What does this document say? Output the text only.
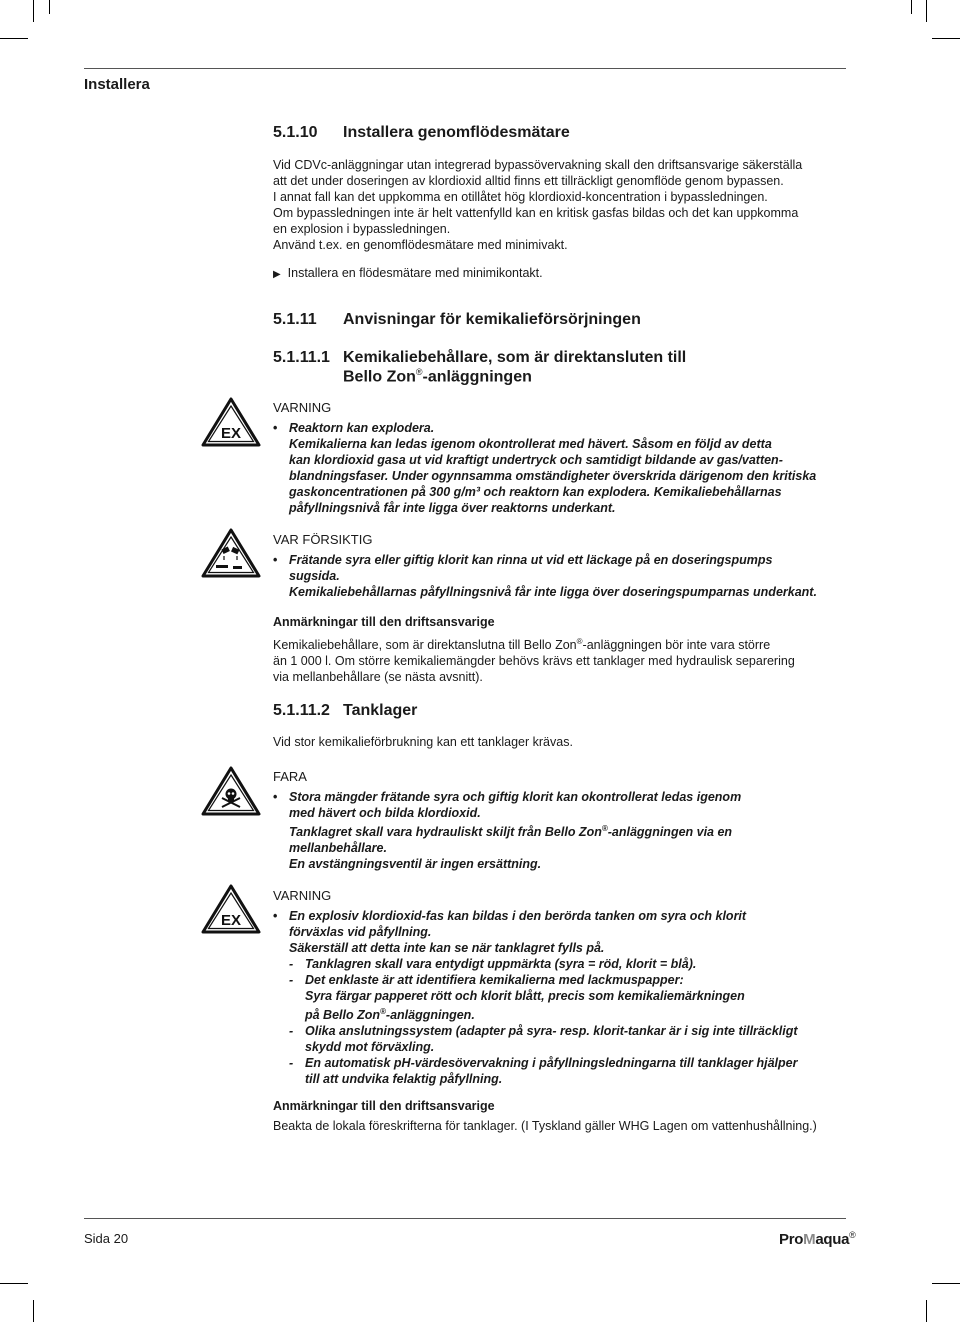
Installera
5.1.10	Installera genomflödesmätare

Vid CDVc-anläggningar utan integrerad bypassövervakning skall den driftsansvarige säkerställa

att det under doseringen av klordioxid alltid finns ett tillräckligt genomflöde genom bypassen.

I annat fall kan det uppkomma en otillåtet hög klordioxid-koncentration i bypassledningen.

Om bypassledningen inte är helt vattenfylld kan en kritisk gasfas bildas och det kan uppkomma

en explosion i bypassledningen.

Använd t.ex. en genomflödesmätare med minimivakt.

▶ Installera en flödesmätare med minimikontakt.

5.1.11	Anvisningar för kemikalieförsörjningen
5.1.11.1 Kemikaliebehållare, som är direktansluten till
Bello Zon®-anläggningen
EX
VARNING
• Reaktorn kan explodera.
Kemikalierna kan ledas igenom okontrollerat med hävert. Såsom en följd av detta
kan klordioxid gasa ut vid kraftigt undertryck och samtidigt bildande av gas/vatten-
blandningsfaser. Under ogynnsamma omständigheter överskrida därigenom den kritiska
gaskoncentrationen på 300 g/m³ och reaktorn kan explodera. Kemikaliebehållarnas
påfyllningsnivå får inte ligga över reaktorns underkant.
VAR FÖRSIKTIG
• Frätande syra eller giftig klorit kan rinna ut vid ett läckage på en doseringspumps
sugsida.
Kemikaliebehållarnas påfyllningsnivå får inte ligga över doseringspumparnas underkant.
Anmärkningar till den driftsansvarige

Kemikaliebehållare, som är direktanslutna till Bello Zon®-anläggningen bör inte vara större

än 1 000 l. Om större kemikaliemängder behövs krävs ett tanklager med hydraulisk separering

via mellanbehållare (se nästa avsnitt).

5.1.11.2 Tanklager

Vid stor kemikalieförbrukning kan ett tanklager krävas.

FARA
• Stora mängder frätande syra och giftig klorit kan okontrollerat ledas igenom
med hävert och bilda klordioxid.
Tanklagret skall vara hydrauliskt skiljt från Bello Zon®-anläggningen via en
mellanbehållare.
En avstängningsventil är ingen ersättning.
EX
VARNING
• En explosiv klordioxid-fas kan bildas i den berörda tanken om syra och klorit
förväxlas vid påfyllning.
Säkerställ att detta inte kan se när tanklagret fylls på.
- Tanklagren skall vara entydigt uppmärkta (syra = röd, klorit = blå).
- Det enklaste är att identifiera kemikalierna med lackmuspapper:
Syra färgar papperet rött och klorit blått, precis som kemikaliemärkningen
på Bello Zon®-anläggningen.
- Olika anslutningssystem (adapter på syra- resp. klorit-tankar är i sig inte tillräckligt
skydd mot förväxling.
- En automatisk pH-värdesövervakning i påfyllningsledningarna till tanklager hjälper
till att undvika felaktig påfyllning.
Anmärkningar till den driftsansvarige

Beakta de lokala föreskrifterna för tanklager. (I Tyskland gäller WHG Lagen om vattenhushållning.)

Sida 20	ProMaqua®
